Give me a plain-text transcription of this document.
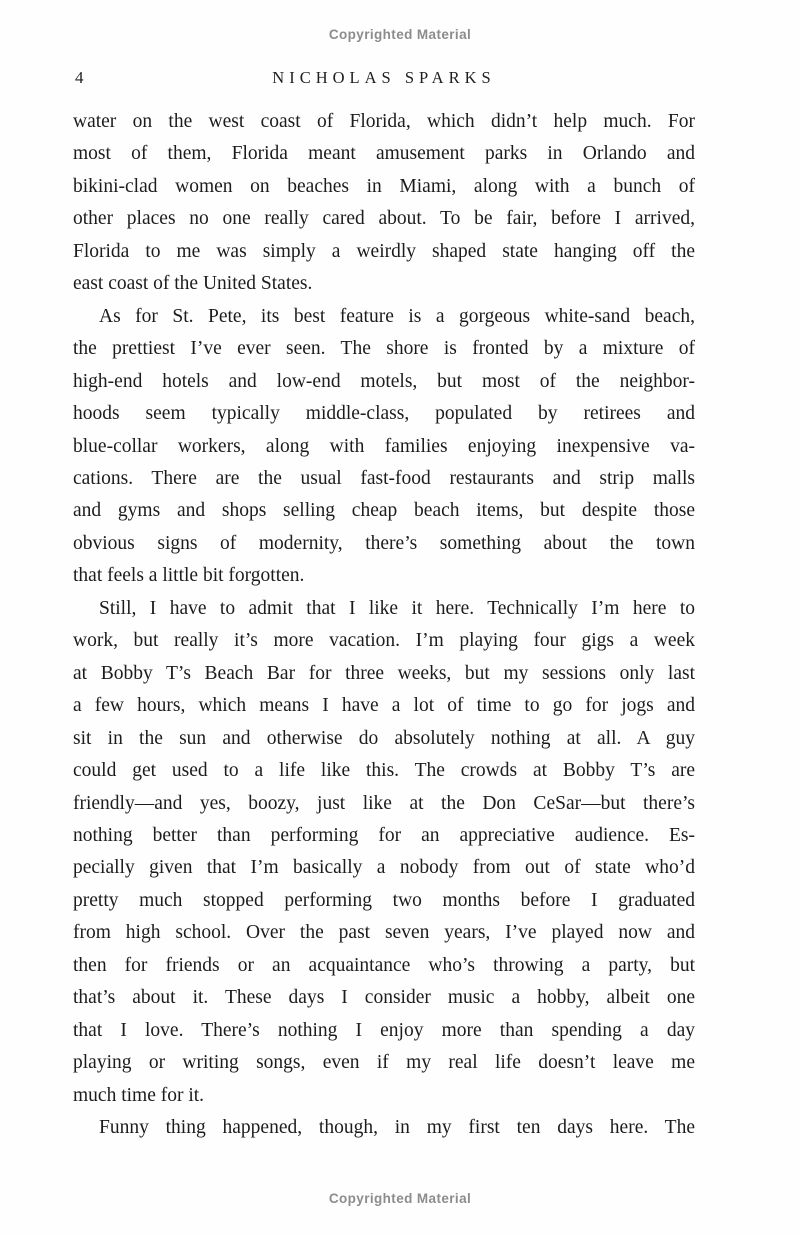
Copyrighted Material
4	NICHOLAS SPARKS
water on the west coast of Florida, which didn’t help much. For
most of them, Florida meant amusement parks in Orlando and
bikini-clad women on beaches in Miami, along with a bunch of
other places no one really cared about. To be fair, before I arrived,
Florida to me was simply a weirdly shaped state hanging off the
east coast of the United States.
As for St. Pete, its best feature is a gorgeous white-sand beach,
the prettiest I’ve ever seen. The shore is fronted by a mixture of
high-end hotels and low-end motels, but most of the neighbor-
hoods seem typically middle-class, populated by retirees and
blue-collar workers, along with families enjoying inexpensive va-
cations. There are the usual fast-food restaurants and strip malls
and gyms and shops selling cheap beach items, but despite those
obvious signs of modernity, there’s something about the town
that feels a little bit forgotten.
Still, I have to admit that I like it here. Technically I’m here to
work, but really it’s more vacation. I’m playing four gigs a week
at Bobby T’s Beach Bar for three weeks, but my sessions only last
a few hours, which means I have a lot of time to go for jogs and
sit in the sun and otherwise do absolutely nothing at all. A guy
could get used to a life like this. The crowds at Bobby T’s are
friendly—and yes, boozy, just like at the Don CeSar—but there’s
nothing better than performing for an appreciative audience. Es-
pecially given that I’m basically a nobody from out of state who’d
pretty much stopped performing two months before I graduated
from high school. Over the past seven years, I’ve played now and
then for friends or an acquaintance who’s throwing a party, but
that’s about it. These days I consider music a hobby, albeit one
that I love. There’s nothing I enjoy more than spending a day
playing or writing songs, even if my real life doesn’t leave me
much time for it.
Funny thing happened, though, in my first ten days here. The
Copyrighted Material
